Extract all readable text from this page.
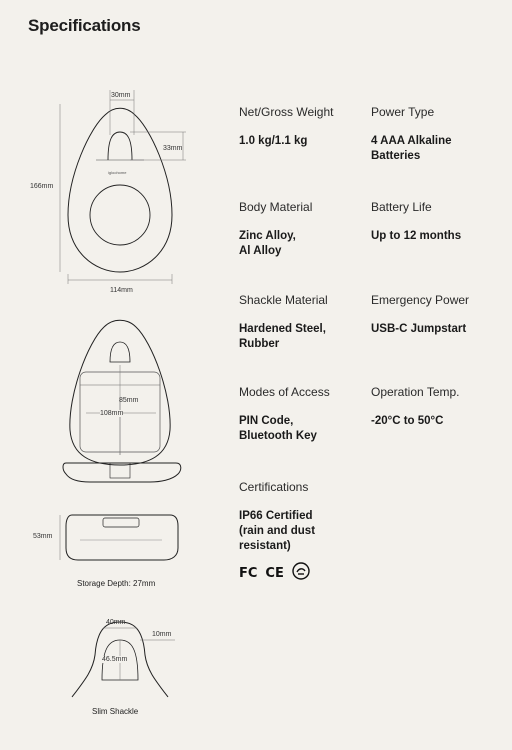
Specifications
30mm
33mm
166mm
114mm
igloohome
85mm
108mm
53mm
Storage Depth: 27mm
40mm
10mm
46.5mm
Slim Shackle
Net/Gross Weight
1.0 kg/1.1 kg
Power Type
4 AAA Alkaline Batteries
Body Material
Zinc Alloy, Al Alloy
Battery Life
Up to 12 months
Shackle Material
Hardened Steel, Rubber
Emergency Power
USB-C Jumpstart
Modes of Access
PIN Code, Bluetooth Key
Operation Temp.
-20°C to 50°C
Certifications
IP66 Certified (rain and dust resistant)
FC CE
